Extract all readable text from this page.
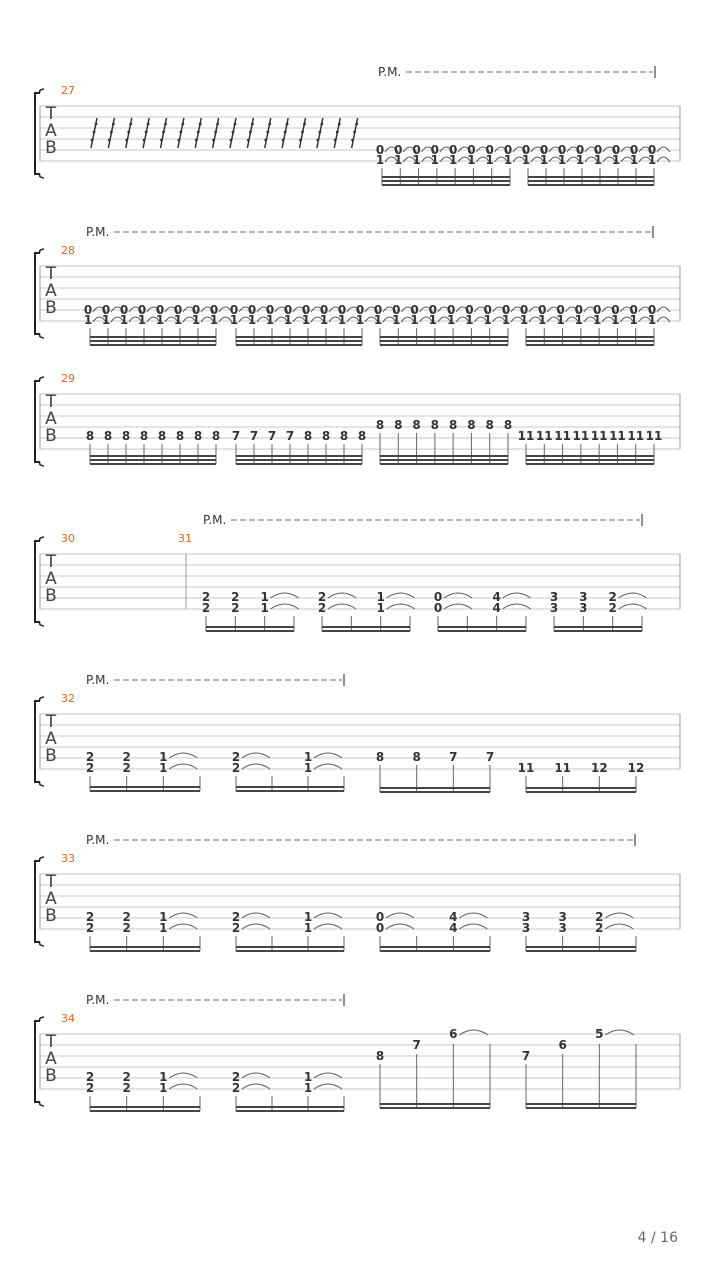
T
A
B
P.M.
27
0
1
0
1
0
1
0
1
0
1
0
1
0
1
0
1
0
1
0
1
0
1
0
1
0
1
0
1
0
1
0
1
T
A
B
P.M.
28
0
1
0
1
0
1
0
1
0
1
0
1
0
1
0
1
0
1
0
1
0
1
0
1
0
1
0
1
0
1
0
1
0
1
0
1
0
1
0
1
0
1
0
1
0
1
0
1
0
1
0
1
0
1
0
1
0
1
0
1
0
1
0
1
T
A
B
29
8 8 8 8 8 8 8 8 7 7 7 7 8 8 8 8
8 8 8 8 8 8 8 8
11 11 11 11 11 11 11 11
T
A
B
P.M.
30	31
2
2
2
2
1
1
2
2
1
1
0
0
4
4
3
3
3
3
2
2
T
A
B
P.M.
32
2
2
2
2
1
1
2
2
1
1
8 8 7 7
11 11 12 12
T
A
B
P.M.
33
2
2
2
2
1
1
2
2
1
1
0
0
4
4
3
3
3
3
2
2
T
A
B
P.M.
34
2
2
2
2
1
1
2
2
1
1
8
7
6
7
6
5
4 / 16
